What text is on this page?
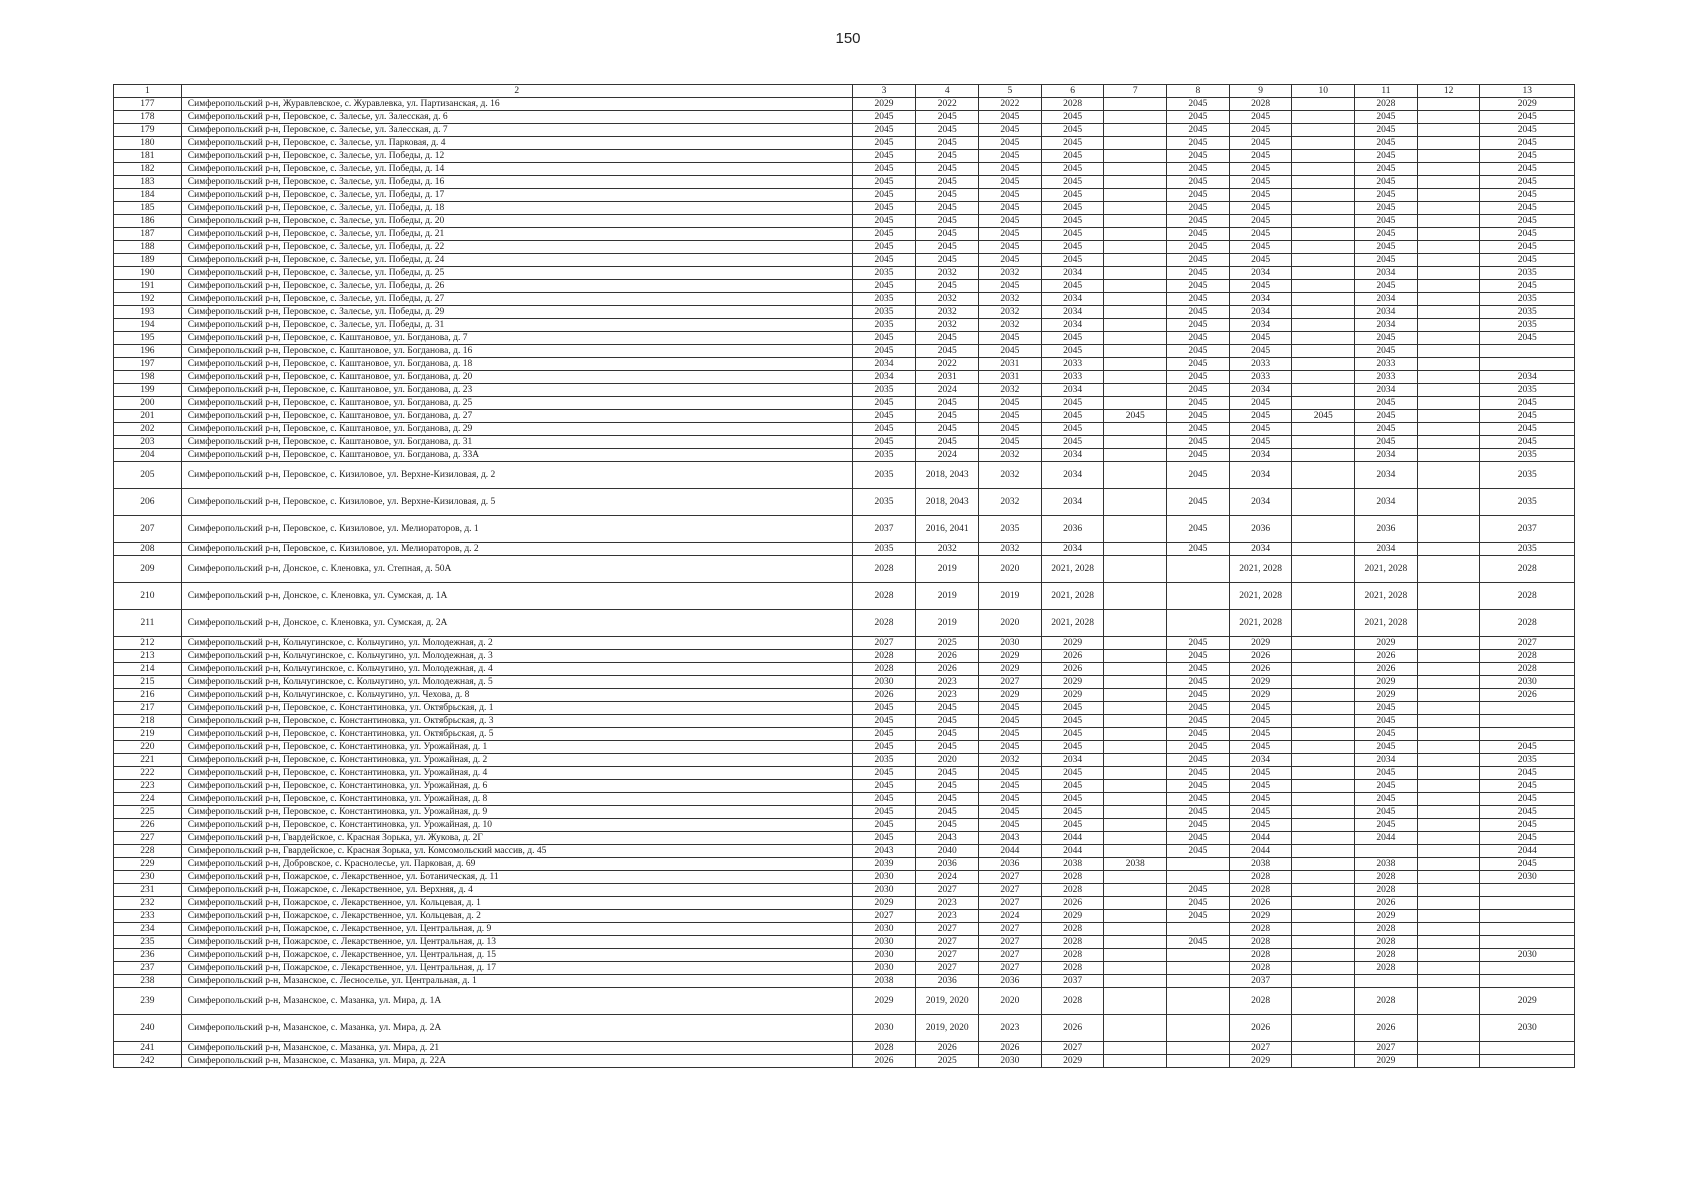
150
1	2	3	4	5	6	7	8	9	10	11	12	13
177	Симферопольский р-н, Журавлевское, с. Журавлевка, ул. Партизанская, д. 16	2029	2022	2022	2028		2045	2028		2028		2029
178	Симферопольский р-н, Перовское, с. Залесье, ул. Залесская, д. 6	2045	2045	2045	2045		2045	2045		2045		2045
179	Симферопольский р-н, Перовское, с. Залесье, ул. Залесская, д. 7	2045	2045	2045	2045		2045	2045		2045		2045
180	Симферопольский р-н, Перовское, с. Залесье, ул. Парковая, д. 4	2045	2045	2045	2045		2045	2045		2045		2045
181	Симферопольский р-н, Перовское, с. Залесье, ул. Победы, д. 12	2045	2045	2045	2045		2045	2045		2045		2045
182	Симферопольский р-н, Перовское, с. Залесье, ул. Победы, д. 14	2045	2045	2045	2045		2045	2045		2045		2045
183	Симферопольский р-н, Перовское, с. Залесье, ул. Победы, д. 16	2045	2045	2045	2045		2045	2045		2045		2045
184	Симферопольский р-н, Перовское, с. Залесье, ул. Победы, д. 17	2045	2045	2045	2045		2045	2045		2045		2045
185	Симферопольский р-н, Перовское, с. Залесье, ул. Победы, д. 18	2045	2045	2045	2045		2045	2045		2045		2045
186	Симферопольский р-н, Перовское, с. Залесье, ул. Победы, д. 20	2045	2045	2045	2045		2045	2045		2045		2045
187	Симферопольский р-н, Перовское, с. Залесье, ул. Победы, д. 21	2045	2045	2045	2045		2045	2045		2045		2045
188	Симферопольский р-н, Перовское, с. Залесье, ул. Победы, д. 22	2045	2045	2045	2045		2045	2045		2045		2045
189	Симферопольский р-н, Перовское, с. Залесье, ул. Победы, д. 24	2045	2045	2045	2045		2045	2045		2045		2045
190	Симферопольский р-н, Перовское, с. Залесье, ул. Победы, д. 25	2035	2032	2032	2034		2045	2034		2034		2035
191	Симферопольский р-н, Перовское, с. Залесье, ул. Победы, д. 26	2045	2045	2045	2045		2045	2045		2045		2045
192	Симферопольский р-н, Перовское, с. Залесье, ул. Победы, д. 27	2035	2032	2032	2034		2045	2034		2034		2035
193	Симферопольский р-н, Перовское, с. Залесье, ул. Победы, д. 29	2035	2032	2032	2034		2045	2034		2034		2035
194	Симферопольский р-н, Перовское, с. Залесье, ул. Победы, д. 31	2035	2032	2032	2034		2045	2034		2034		2035
195	Симферопольский р-н, Перовское, с. Каштановое, ул. Богданова, д. 7	2045	2045	2045	2045		2045	2045		2045		2045
196	Симферопольский р-н, Перовское, с. Каштановое, ул. Богданова, д. 16	2045	2045	2045	2045		2045	2045		2045		
197	Симферопольский р-н, Перовское, с. Каштановое, ул. Богданова, д. 18	2034	2022	2031	2033		2045	2033		2033		
198	Симферопольский р-н, Перовское, с. Каштановое, ул. Богданова, д. 20	2034	2031	2031	2033		2045	2033		2033		2034
199	Симферопольский р-н, Перовское, с. Каштановое, ул. Богданова, д. 23	2035	2024	2032	2034		2045	2034		2034		2035
200	Симферопольский р-н, Перовское, с. Каштановое, ул. Богданова, д. 25	2045	2045	2045	2045		2045	2045		2045		2045
201	Симферопольский р-н, Перовское, с. Каштановое, ул. Богданова, д. 27	2045	2045	2045	2045	2045	2045	2045	2045	2045		2045
202	Симферопольский р-н, Перовское, с. Каштановое, ул. Богданова, д. 29	2045	2045	2045	2045		2045	2045		2045		2045
203	Симферопольский р-н, Перовское, с. Каштановое, ул. Богданова, д. 31	2045	2045	2045	2045		2045	2045		2045		2045
204	Симферопольский р-н, Перовское, с. Каштановое, ул. Богданова, д. 33А	2035	2024	2032	2034		2045	2034		2034		2035
205	Симферопольский р-н, Перовское, с. Кизиловое, ул. Верхне-Кизиловая, д. 2	2035	2018, 2043	2032	2034		2045	2034		2034		2035
206	Симферопольский р-н, Перовское, с. Кизиловое, ул. Верхне-Кизиловая, д. 5	2035	2018, 2043	2032	2034		2045	2034		2034		2035
207	Симферопольский р-н, Перовское, с. Кизиловое, ул. Мелиораторов, д. 1	2037	2016, 2041	2035	2036		2045	2036		2036		2037
208	Симферопольский р-н, Перовское, с. Кизиловое, ул. Мелиораторов, д. 2	2035	2032	2032	2034		2045	2034		2034		2035
209	Симферопольский р-н, Донское, с. Кленовка, ул. Степная, д. 50А	2028	2019	2020	2021, 2028			2021, 2028		2021, 2028		2028
210	Симферопольский р-н, Донское, с. Кленовка, ул. Сумская, д. 1А	2028	2019	2019	2021, 2028			2021, 2028		2021, 2028		2028
211	Симферопольский р-н, Донское, с. Кленовка, ул. Сумская, д. 2А	2028	2019	2020	2021, 2028			2021, 2028		2021, 2028		2028
212	Симферопольский р-н, Кольчугинское, с. Кольчугино, ул. Молодежная, д. 2	2027	2025	2030	2029		2045	2029		2029		2027
213	Симферопольский р-н, Кольчугинское, с. Кольчугино, ул. Молодежная, д. 3	2028	2026	2029	2026		2045	2026		2026		2028
214	Симферопольский р-н, Кольчугинское, с. Кольчугино, ул. Молодежная, д. 4	2028	2026	2029	2026		2045	2026		2026		2028
215	Симферопольский р-н, Кольчугинское, с. Кольчугино, ул. Молодежная, д. 5	2030	2023	2027	2029		2045	2029		2029		2030
216	Симферопольский р-н, Кольчугинское, с. Кольчугино, ул. Чехова, д. 8	2026	2023	2029	2029		2045	2029		2029		2026
217	Симферопольский р-н, Перовское, с. Константиновка, ул. Октябрьская, д. 1	2045	2045	2045	2045		2045	2045		2045		
218	Симферопольский р-н, Перовское, с. Константиновка, ул. Октябрьская, д. 3	2045	2045	2045	2045		2045	2045		2045		
219	Симферопольский р-н, Перовское, с. Константиновка, ул. Октябрьская, д. 5	2045	2045	2045	2045		2045	2045		2045		
220	Симферопольский р-н, Перовское, с. Константиновка, ул. Урожайная, д. 1	2045	2045	2045	2045		2045	2045		2045		2045
221	Симферопольский р-н, Перовское, с. Константиновка, ул. Урожайная, д. 2	2035	2020	2032	2034		2045	2034		2034		2035
222	Симферопольский р-н, Перовское, с. Константиновка, ул. Урожайная, д. 4	2045	2045	2045	2045		2045	2045		2045		2045
223	Симферопольский р-н, Перовское, с. Константиновка, ул. Урожайная, д. 6	2045	2045	2045	2045		2045	2045		2045		2045
224	Симферопольский р-н, Перовское, с. Константиновка, ул. Урожайная, д. 8	2045	2045	2045	2045		2045	2045		2045		2045
225	Симферопольский р-н, Перовское, с. Константиновка, ул. Урожайная, д. 9	2045	2045	2045	2045		2045	2045		2045		2045
226	Симферопольский р-н, Перовское, с. Константиновка, ул. Урожайная, д. 10	2045	2045	2045	2045		2045	2045		2045		2045
227	Симферопольский р-н, Гвардейское, с. Красная Зорька, ул. Жукова, д. 2Г	2045	2043	2043	2044		2045	2044		2044		2045
228	Симферопольский р-н, Гвардейское, с. Красная Зорька, ул. Комсомольский массив, д. 45	2043	2040	2044	2044		2045	2044				2044
229	Симферопольский р-н, Добровское, с. Краснолесье, ул. Парковая, д. 69	2039	2036	2036	2038	2038		2038		2038		2045
230	Симферопольский р-н, Пожарское, с. Лекарственное, ул. Ботаническая, д. 11	2030	2024	2027	2028			2028		2028		2030
231	Симферопольский р-н, Пожарское, с. Лекарственное, ул. Верхняя, д. 4	2030	2027	2027	2028		2045	2028		2028		
232	Симферопольский р-н, Пожарское, с. Лекарственное, ул. Кольцевая, д. 1	2029	2023	2027	2026		2045	2026		2026		
233	Симферопольский р-н, Пожарское, с. Лекарственное, ул. Кольцевая, д. 2	2027	2023	2024	2029		2045	2029		2029		
234	Симферопольский р-н, Пожарское, с. Лекарственное, ул. Центральная, д. 9	2030	2027	2027	2028			2028		2028		
235	Симферопольский р-н, Пожарское, с. Лекарственное, ул. Центральная, д. 13	2030	2027	2027	2028		2045	2028		2028		
236	Симферопольский р-н, Пожарское, с. Лекарственное, ул. Центральная, д. 15	2030	2027	2027	2028			2028		2028		2030
237	Симферопольский р-н, Пожарское, с. Лекарственное, ул. Центральная, д. 17	2030	2027	2027	2028			2028		2028		
238	Симферопольский р-н, Мазанское, с. Лесноселье, ул. Центральная, д. 1	2038	2036	2036	2037			2037				
239	Симферопольский р-н, Мазанское, с. Мазанка, ул. Мира, д. 1А	2029	2019, 2020	2020	2028			2028		2028		2029
240	Симферопольский р-н, Мазанское, с. Мазанка, ул. Мира, д. 2А	2030	2019, 2020	2023	2026			2026		2026		2030
241	Симферопольский р-н, Мазанское, с. Мазанка, ул. Мира, д. 21	2028	2026	2026	2027			2027		2027		
242	Симферопольский р-н, Мазанское, с. Мазанка, ул. Мира, д. 22А	2026	2025	2030	2029			2029		2029		
